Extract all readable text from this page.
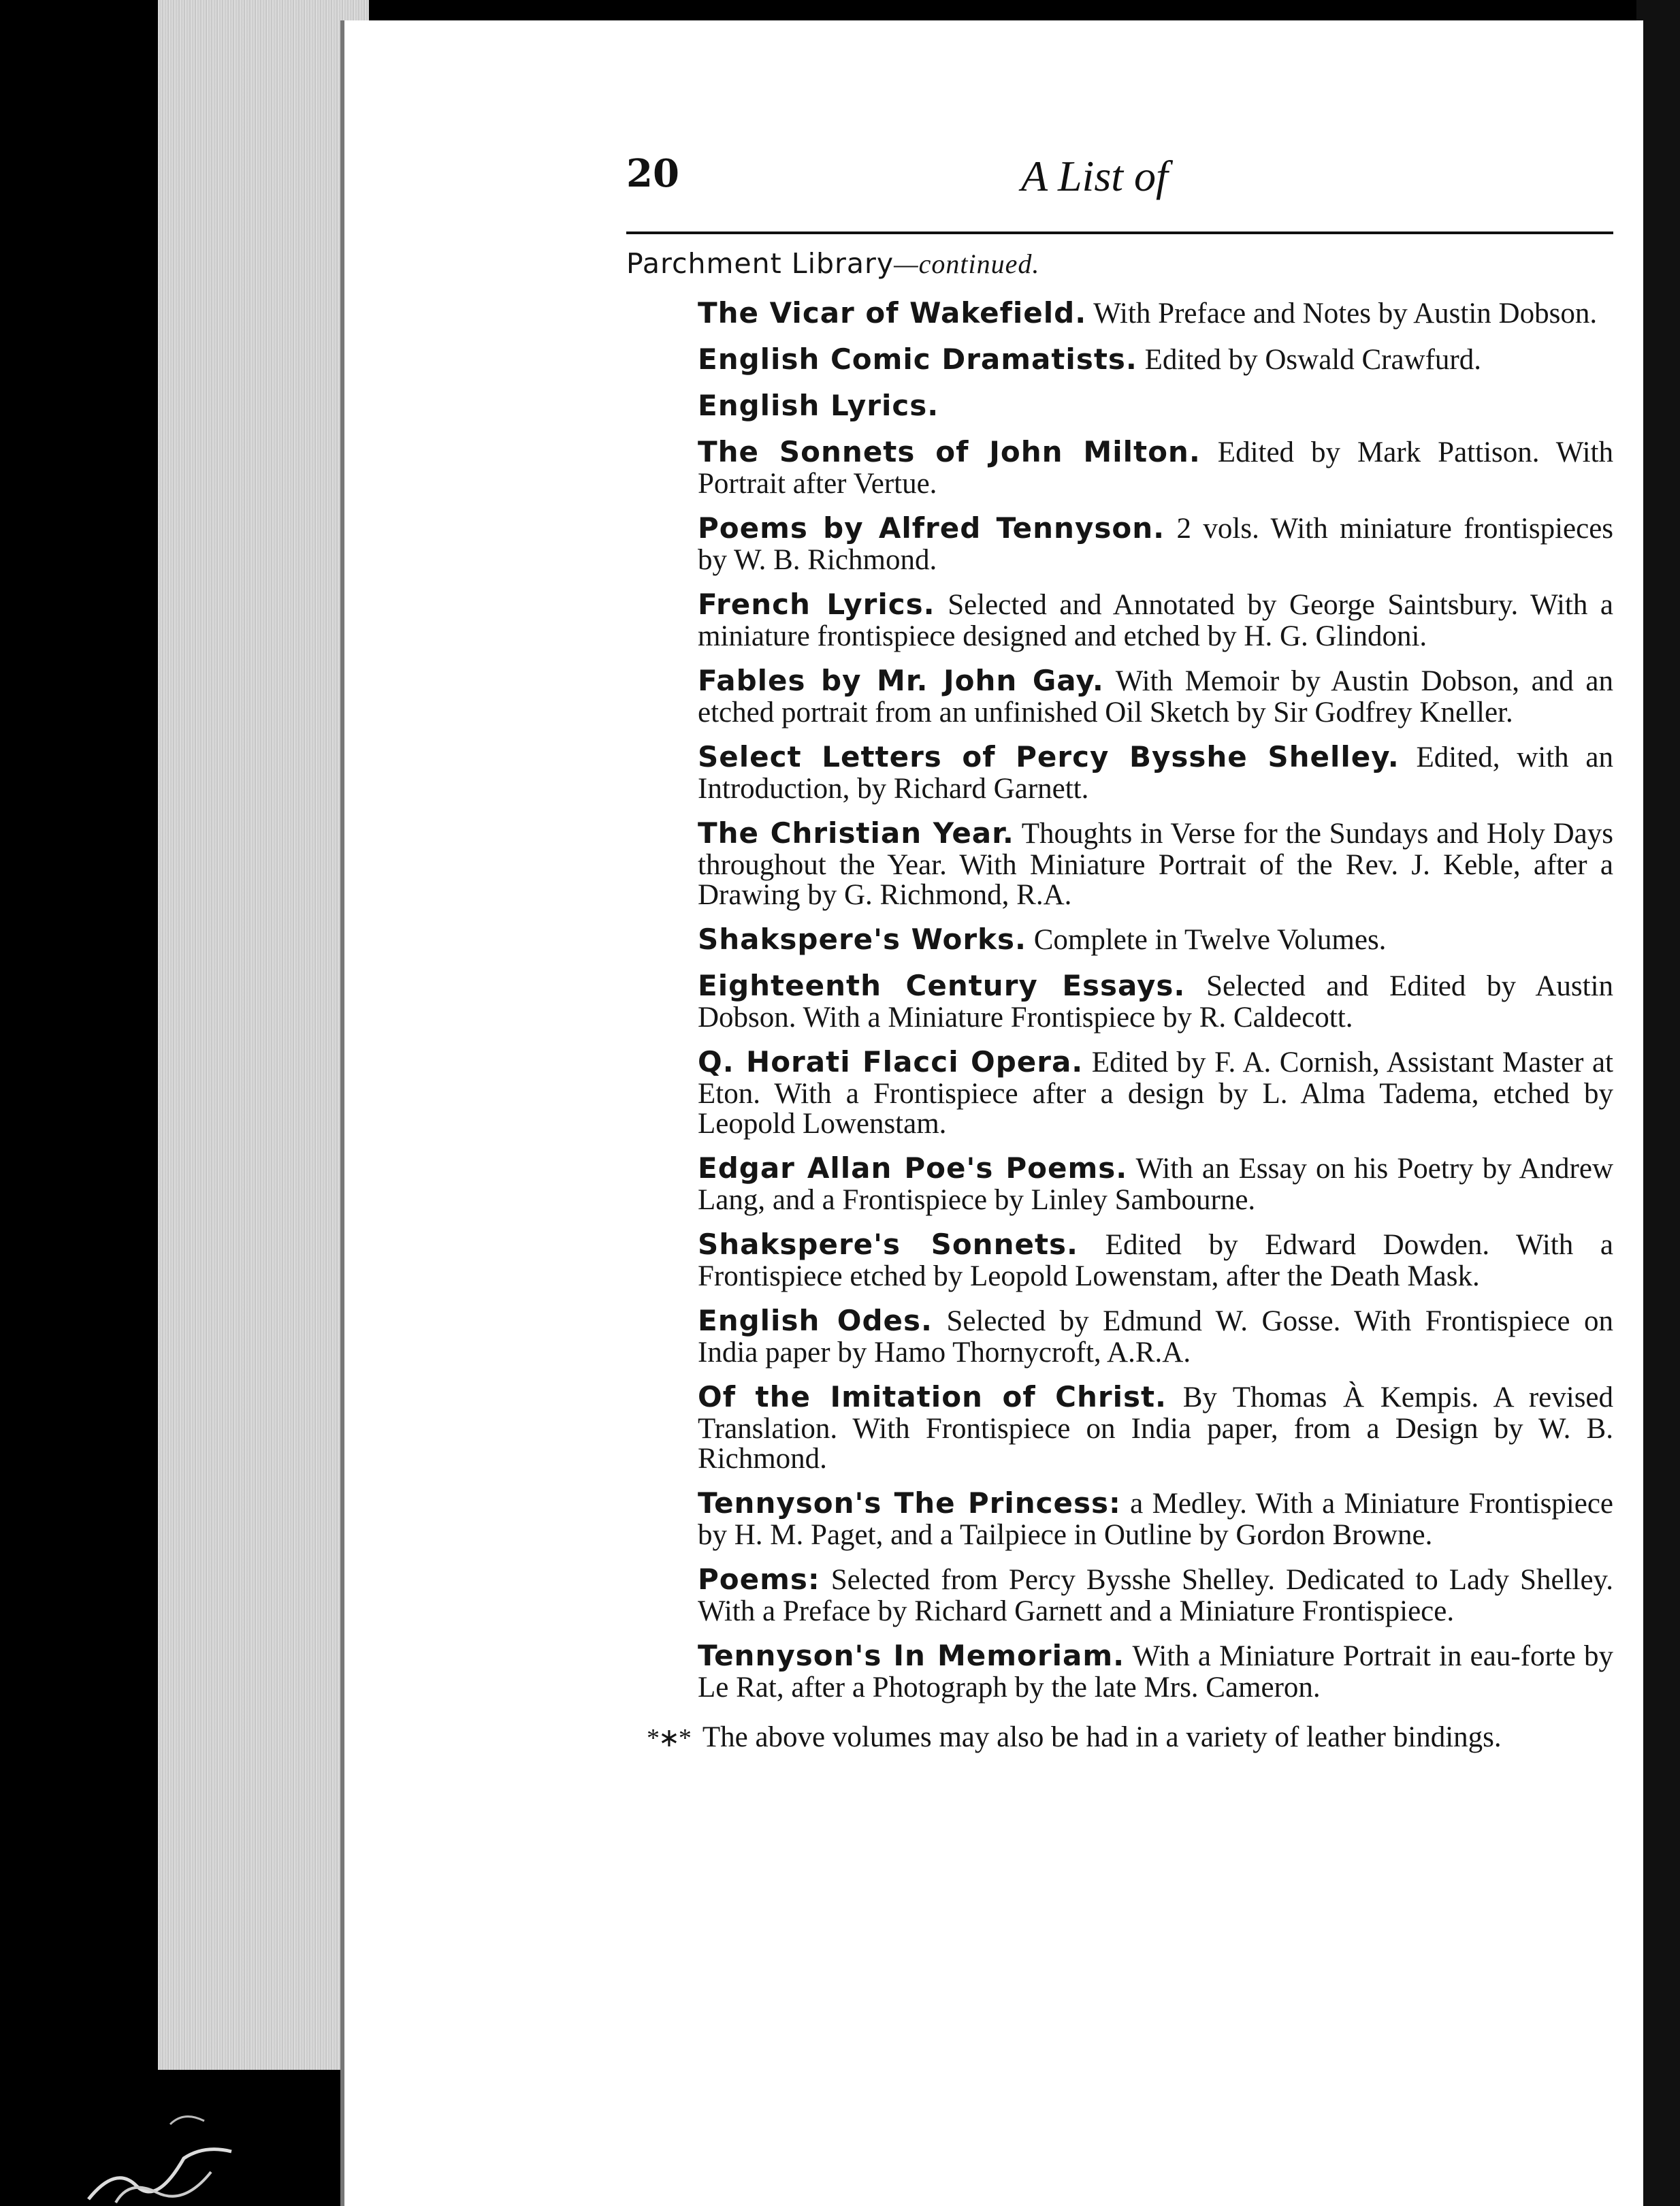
20	A List of
Parchment Library—continued.
The Vicar of Wakefield. With Preface and Notes by Austin Dobson.
English Comic Dramatists. Edited by Oswald Crawfurd.
English Lyrics.
The Sonnets of John Milton. Edited by Mark Pattison. With Portrait after Vertue.
Poems by Alfred Tennyson. 2 vols. With miniature frontispieces by W. B. Richmond.
French Lyrics. Selected and Annotated by George Saintsbury. With a miniature frontispiece designed and etched by H. G. Glindoni.
Fables by Mr. John Gay. With Memoir by Austin Dobson, and an etched portrait from an unfinished Oil Sketch by Sir Godfrey Kneller.
Select Letters of Percy Bysshe Shelley. Edited, with an Introduction, by Richard Garnett.
The Christian Year. Thoughts in Verse for the Sundays and Holy Days throughout the Year. With Miniature Portrait of the Rev. J. Keble, after a Drawing by G. Richmond, R.A.
Shakspere's Works. Complete in Twelve Volumes.
Eighteenth Century Essays. Selected and Edited by Austin Dobson. With a Miniature Frontispiece by R. Caldecott.
Q. Horati Flacci Opera. Edited by F. A. Cornish, Assistant Master at Eton. With a Frontispiece after a design by L. Alma Tadema, etched by Leopold Lowenstam.
Edgar Allan Poe's Poems. With an Essay on his Poetry by Andrew Lang, and a Frontispiece by Linley Sambourne.
Shakspere's Sonnets. Edited by Edward Dowden. With a Frontispiece etched by Leopold Lowenstam, after the Death Mask.
English Odes. Selected by Edmund W. Gosse. With Frontispiece on India paper by Hamo Thornycroft, A.R.A.
Of the Imitation of Christ. By Thomas À Kempis. A revised Translation. With Frontispiece on India paper, from a Design by W. B. Richmond.
Tennyson's The Princess: a Medley. With a Miniature Frontispiece by H. M. Paget, and a Tailpiece in Outline by Gordon Browne.
Poems: Selected from Percy Bysshe Shelley. Dedicated to Lady Shelley. With a Preface by Richard Garnett and a Miniature Frontispiece.
Tennyson's In Memoriam. With a Miniature Portrait in eau-forte by Le Rat, after a Photograph by the late Mrs. Cameron.
*∗* The above volumes may also be had in a variety of leather bindings.
